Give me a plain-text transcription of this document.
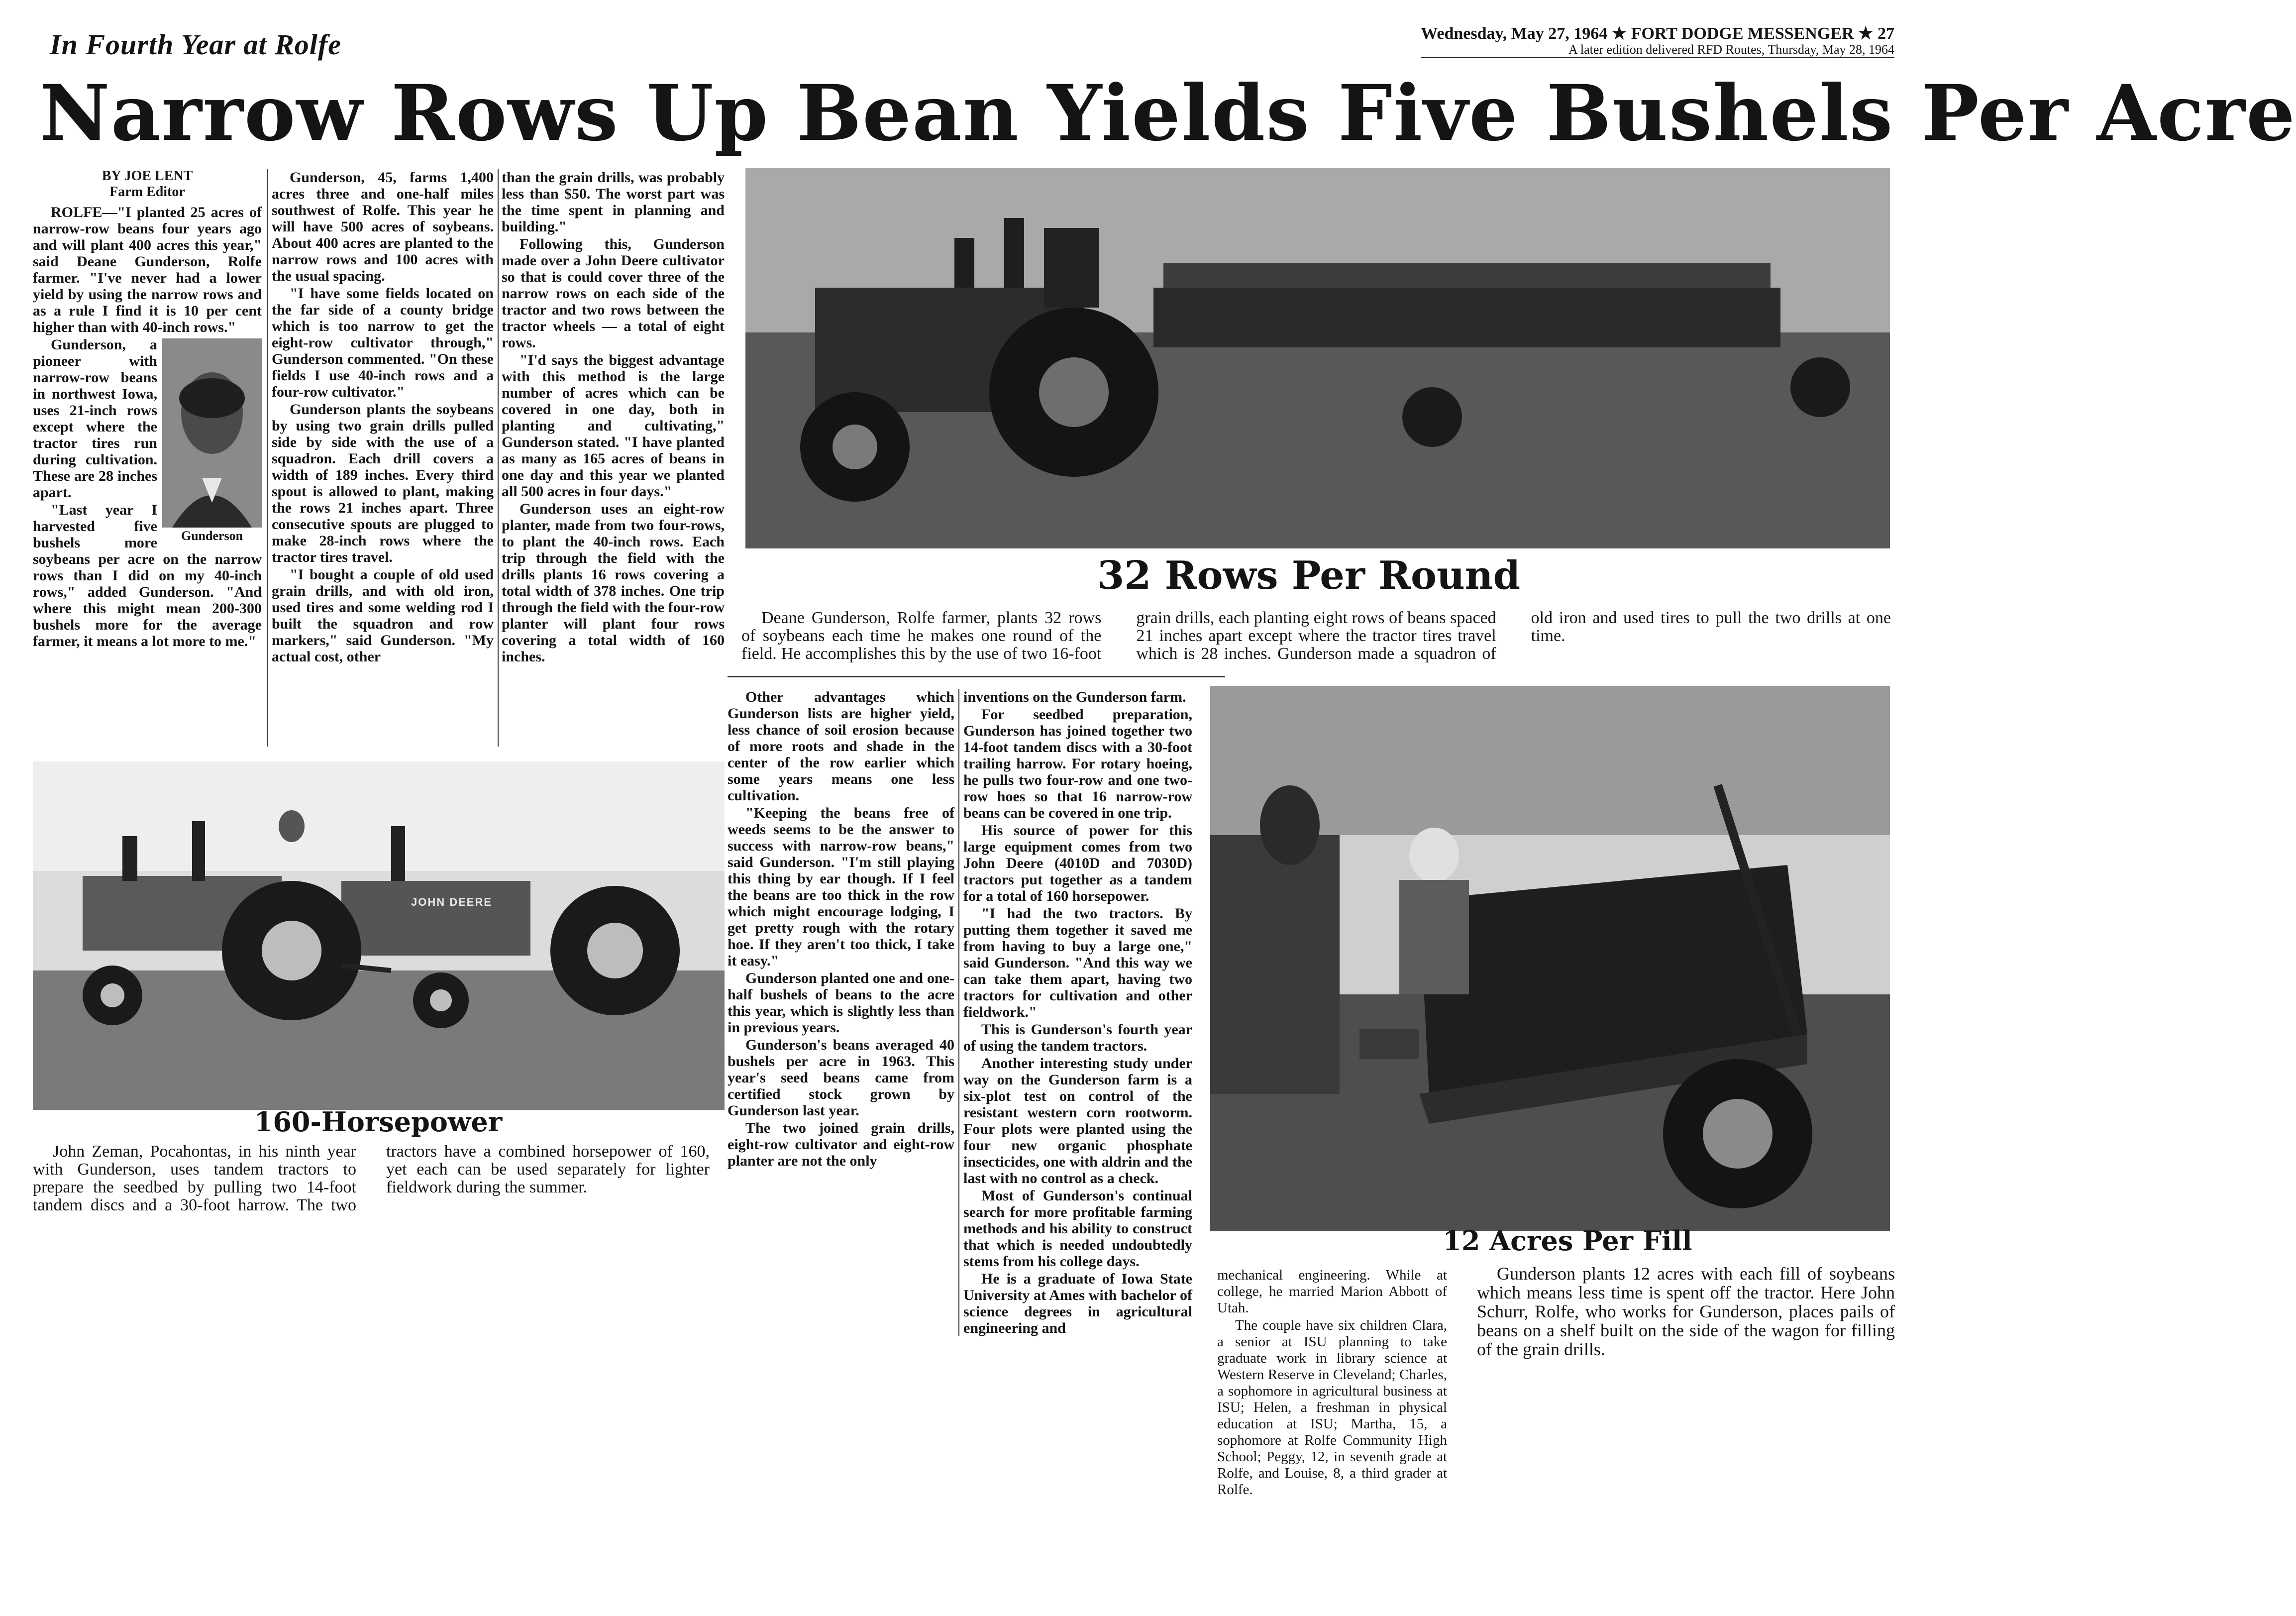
In Fourth Year at Rolfe	Wednesday, May 27, 1964 ★ FORT DODGE MESSENGER ★ 27
A later edition delivered RFD Routes, Thursday, May 28, 1964
Narrow Rows Up Bean Yields Five Bushels Per Acre
BY JOE LENT
Farm Editor

ROLFE—"I planted 25 acres of narrow-row beans four years ago and will plant 400 acres this year," said Deane Gunderson, Rolfe farmer. "I've never had a lower yield by using the narrow rows and as a rule I find it is 10 per cent higher than with 40-inch rows."

Gunderson

Gunderson, a pioneer with narrow-row beans in northwest Iowa, uses 21-inch rows except where the tractor tires run during cultivation. These are 28 inches apart.

"Last year I harvested five bushels more soybeans per acre on the narrow rows than I did on my 40-inch rows," added Gunderson. "And where this might mean 200-300 bushels more for the average farmer, it means a lot more to me."

Gunderson, 45, farms 1,400 acres three and one-half miles southwest of Rolfe. This year he will have 500 acres of soybeans. About 400 acres are planted to the narrow rows and 100 acres with the usual spacing.

"I have some fields located on the far side of a county bridge which is too narrow to get the eight-row cultivator through," Gunderson commented. "On these fields I use 40-inch rows and a four-row cultivator."

Gunderson plants the soybeans by using two grain drills pulled side by side with the use of a squadron. Each drill covers a width of 189 inches. Every third spout is allowed to plant, making the rows 21 inches apart. Three consecutive spouts are plugged to make 28-inch rows where the tractor tires travel.

"I bought a couple of old used grain drills, and with old iron, used tires and some welding rod I built the squadron and row markers," said Gunderson. "My actual cost, other

than the grain drills, was probably less than $50. The worst part was the time spent in planning and building."

Following this, Gunderson made over a John Deere cultivator so that is could cover three of the narrow rows on each side of the tractor and two rows between the tractor wheels — a total of eight rows.

"I'd says the biggest advantage with this method is the large number of acres which can be covered in one day, both in planting and cultivating," Gunderson stated. "I have planted as many as 165 acres of beans in one day and this year we planted all 500 acres in four days."

Gunderson uses an eight-row planter, made from two four-rows, to plant the 40-inch rows. Each trip through the field with the drills plants 16 rows covering a total width of 378 inches. One trip through the field with the four-row planter will plant four rows covering a total width of 160 inches.

32 Rows Per Round
Deane Gunderson, Rolfe farmer, plants 32 rows of soybeans each time he makes one round of the field. He accomplishes this by the use of two 16-foot grain drills, each planting eight rows of beans spaced 21 inches apart except where the tractor tires travel which is 28 inches. Gunderson made a squadron of old iron and used tires to pull the two drills at one time.

Other advantages which Gunderson lists are higher yield, less chance of soil erosion because of more roots and shade in the center of the row earlier which some years means one less cultivation.

"Keeping the beans free of weeds seems to be the answer to success with narrow-row beans," said Gunderson. "I'm still playing this thing by ear though. If I feel the beans are too thick in the row which might encourage lodging, I get pretty rough with the rotary hoe. If they aren't too thick, I take it easy."

Gunderson planted one and one-half bushels of beans to the acre this year, which is slightly less than in previous years.

Gunderson's beans averaged 40 bushels per acre in 1963. This year's seed beans came from certified stock grown by Gunderson last year.

The two joined grain drills, eight-row cultivator and eight-row planter are not the only

inventions on the Gunderson farm.

For seedbed preparation, Gunderson has joined together two 14-foot tandem discs with a 30-foot trailing harrow. For rotary hoeing, he pulls two four-row and one two-row hoes so that 16 narrow-row beans can be covered in one trip.

His source of power for this large equipment comes from two John Deere (4010D and 7030D) tractors put together as a tandem for a total of 160 horsepower.

"I had the two tractors. By putting them together it saved me from having to buy a large one," said Gunderson. "And this way we can take them apart, having two tractors for cultivation and other fieldwork."

This is Gunderson's fourth year of using the tandem tractors.

Another interesting study under way on the Gunderson farm is a six-plot test on control of the resistant western corn rootworm. Four plots were planted using the four new organic phosphate insecticides, one with aldrin and the last with no control as a check.

Most of Gunderson's continual search for more profitable farming methods and his ability to construct that which is needed undoubtedly stems from his college days.

He is a graduate of Iowa State University at Ames with bachelor of science degrees in agricultural engineering and

12 Acres Per Fill

mechanical engineering. While at college, he married Marion Abbott of Utah.

The couple have six children Clara, a senior at ISU planning to take graduate work in library science at Western Reserve in Cleveland; Charles, a sophomore in agricultural business at ISU; Helen, a freshman in physical education at ISU; Martha, 15, a sophomore at Rolfe Community High School; Peggy, 12, in seventh grade at Rolfe, and Louise, 8, a third grader at Rolfe.

Gunderson plants 12 acres with each fill of soybeans which means less time is spent off the tractor. Here John Schurr, Rolfe, who works for Gunderson, places pails of beans on a shelf built on the side of the wagon for filling of the grain drills.

JOHN DEERE
160-Horsepower
John Zeman, Pocahontas, in his ninth year with Gunderson, uses tandem tractors to prepare the seedbed by pulling two 14-foot tandem discs and a 30-foot harrow. The two tractors have a combined horsepower of 160, yet each can be used separately for lighter fieldwork during the summer.
